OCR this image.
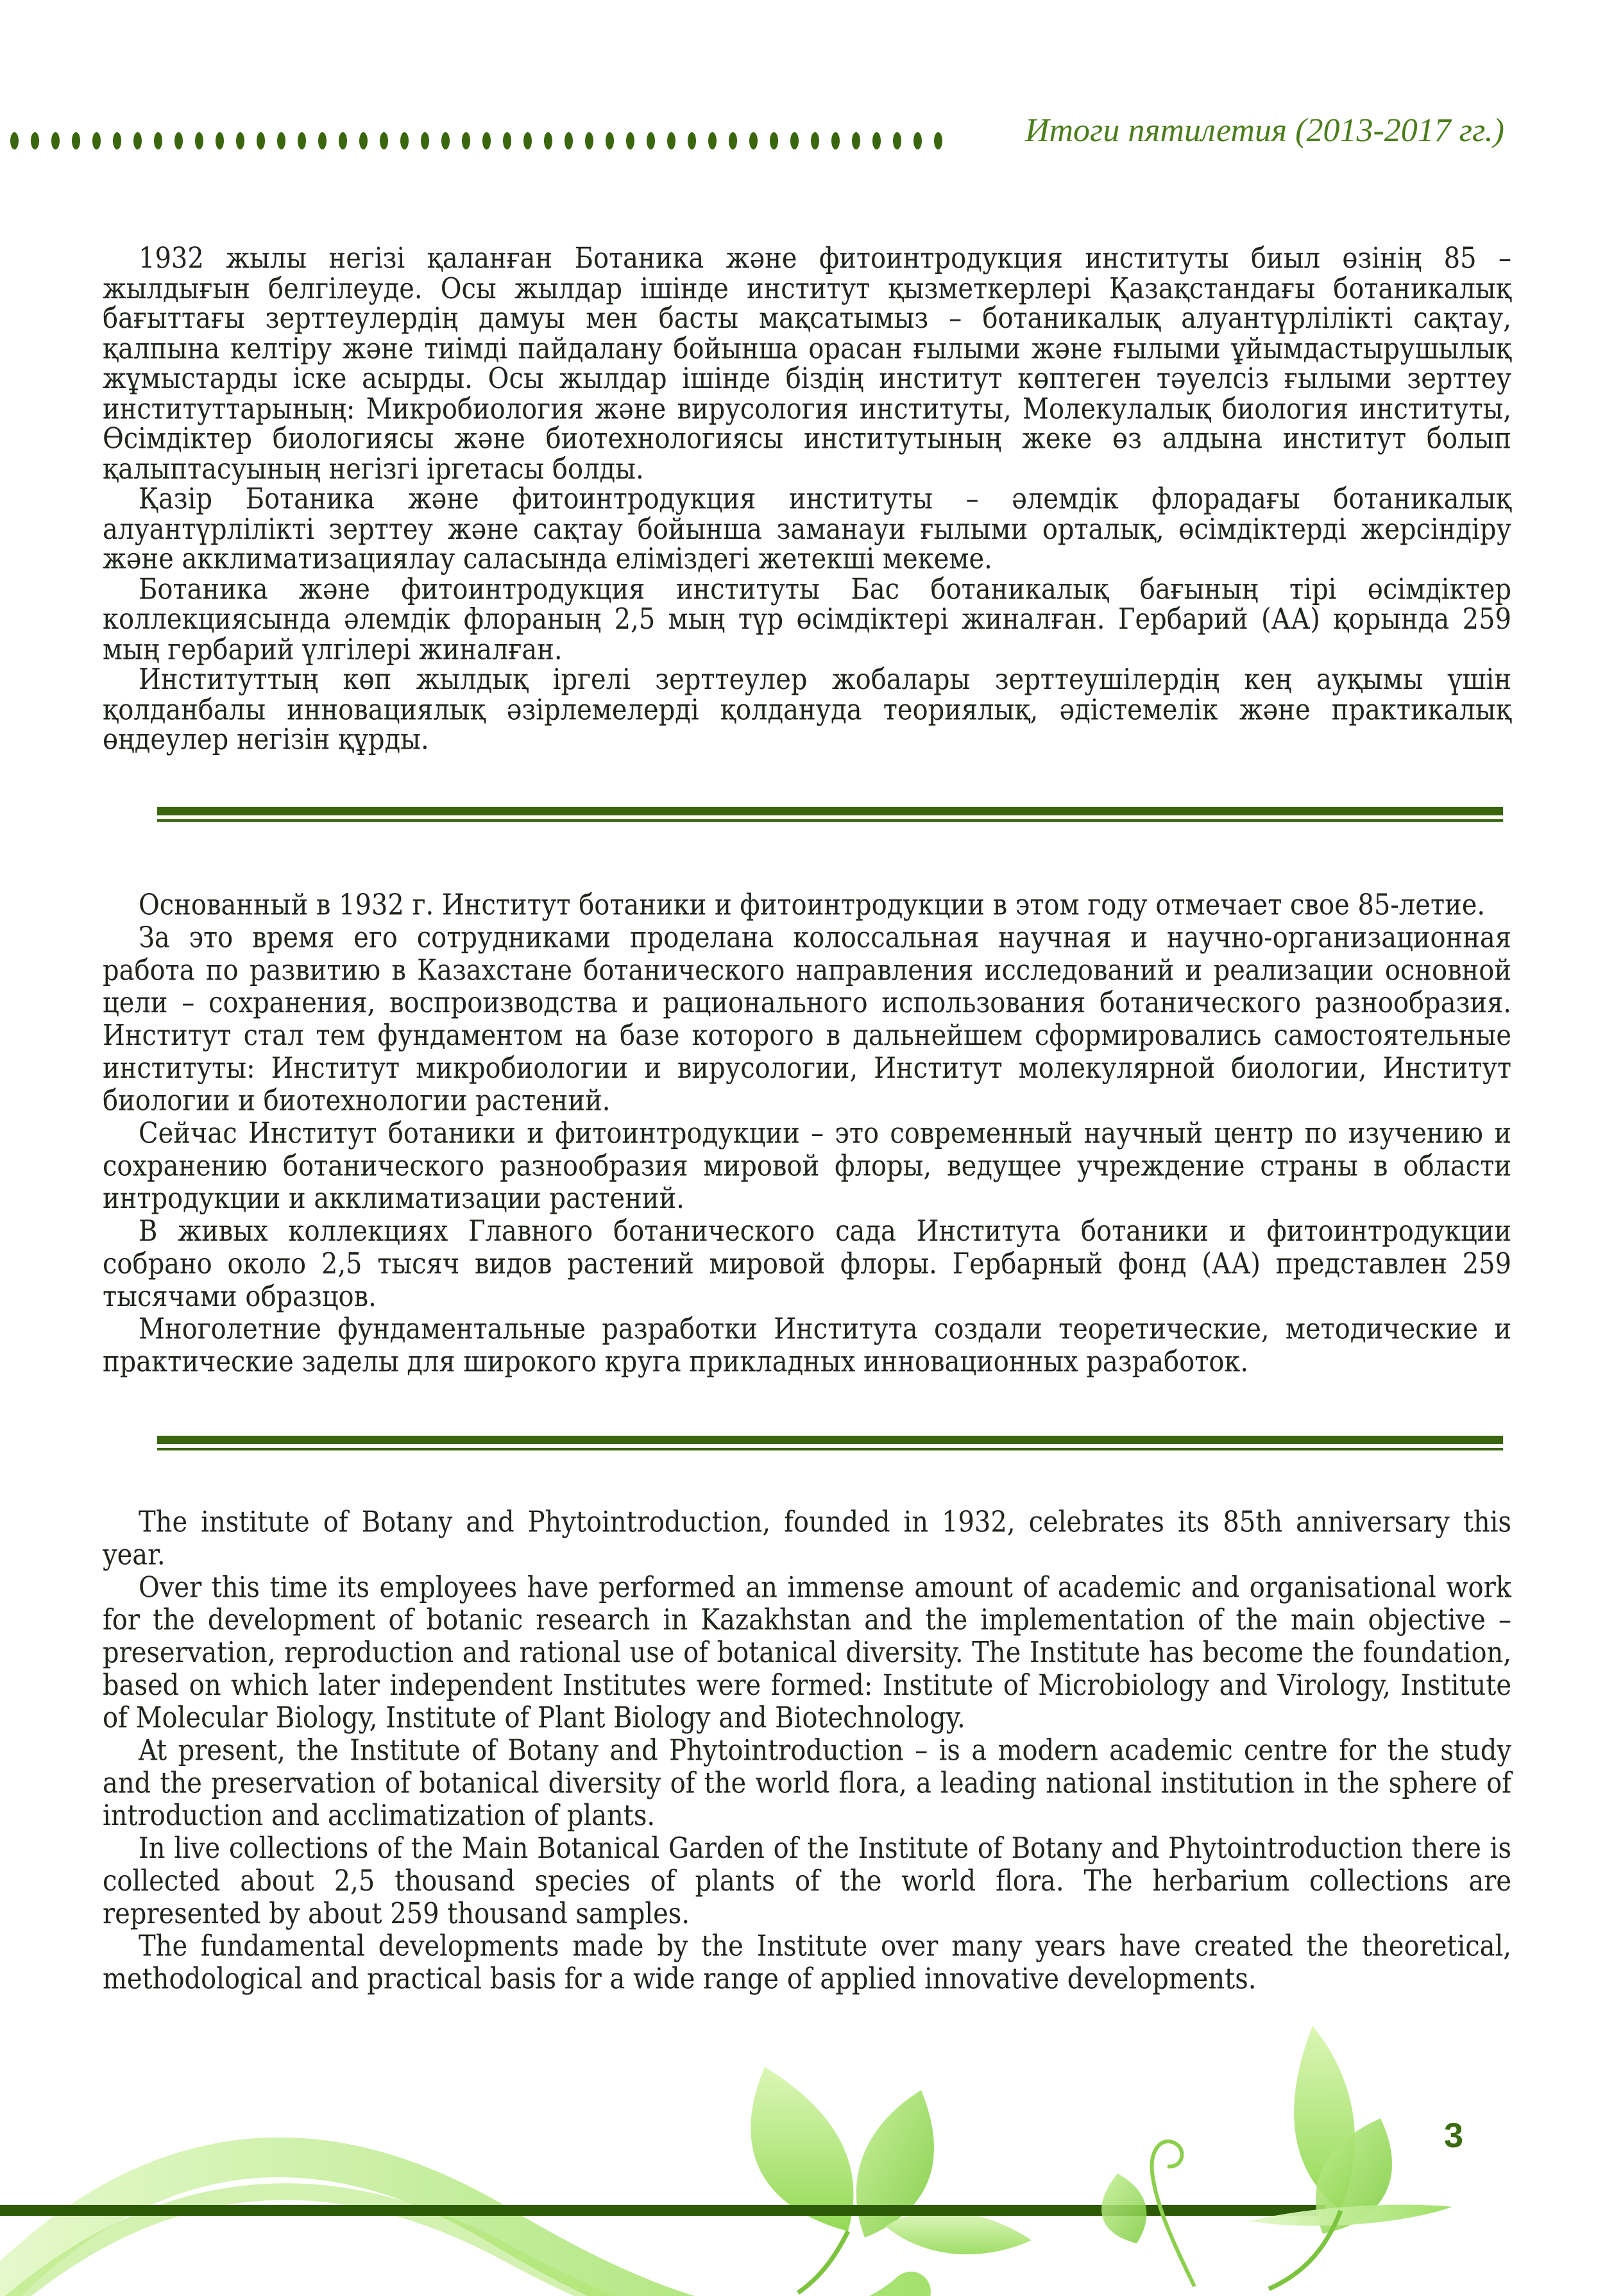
Итоги пятилетия (2013-2017 гг.)

1932 жылы негізі қаланған Ботаника және фитоинтродукция институты биыл өзінің 85 – жылдығын белгілеуде. Осы жылдар ішінде институт қызметкерлері Қазақстандағы ботаникалық бағыттағы зерттеулердің дамуы мен басты мақсатымыз – ботаникалық алуантүрлілікті сақтау, қалпына келтіру және тиімді пайдалану бойынша орасан ғылыми және ғылыми ұйымдастырушылық жұмыстарды іске асырды. Осы жылдар ішінде біздің институт көптеген тәуелсіз ғылыми зерттеу институттарының: Микробиология және вирусология институты, Молекулалық биология институты, Өсімдіктер биологиясы және биотехнологиясы институтының жеке өз алдына институт болып қалыптасуының негізгі іргетасы болды.

Қазір Ботаника және фитоинтродукция институты – әлемдік флорадағы ботаникалық алуантүрлілікті зерттеу және сақтау бойынша заманауи ғылыми орталық, өсімдіктерді жерсіндіру және акклиматизациялау саласында еліміздегі жетекші мекеме.

Ботаника және фитоинтродукция институты Бас ботаникалық бағының тірі өсімдіктер коллекциясында әлемдік флораның 2,5 мың түр өсімдіктері жиналған. Гербарий (АА) қорында 259 мың гербарий үлгілері жиналған.

Институттың көп жылдық іргелі зерттеулер жобалары зерттеушілердің кең ауқымы үшін қолданбалы инновациялық әзірлемелерді қолдануда теориялық, әдістемелік және практикалық өңдеулер негізін құрды.

Основанный в 1932 г. Институт ботаники и фитоинтродукции в этом году отмечает свое 85-летие.

За это время его сотрудниками проделана колоссальная научная и научно-организационная работа по развитию в Казахстане ботанического направления исследований и реализации основной цели – сохранения, воспроизводства и рационального использования ботанического разнообразия. Институт стал тем фундаментом на базе которого в дальнейшем сформировались самостоятельные институты: Институт микробиологии и вирусологии, Институт молекулярной биологии, Институт биологии и биотехнологии растений.

Сейчас Институт ботаники и фитоинтродукции – это современный научный центр по изучению и сохранению ботанического разнообразия мировой флоры, ведущее учреждение страны в области интродукции и акклиматизации растений.

В живых коллекциях Главного ботанического сада Института ботаники и фитоинтродукции собрано около 2,5 тысяч видов растений мировой флоры. Гербарный фонд (АА) представлен 259 тысячами образцов.

Многолетние фундаментальные разработки Института создали теоретические, методические и практические заделы для широкого круга прикладных инновационных разработок.

The institute of Botany and Phytointroduction, founded in 1932, celebrates its 85th anniversary this year.

Over this time its employees have performed an immense amount of academic and organisational work for the development of botanic research in Kazakhstan and the implementation of the main objective – preservation, reproduction and rational use of botanical diversity. The Institute has become the foundation, based on which later independent Institutes were formed: Institute of Microbiology and Virology, Institute of Molecular Biology, Institute of Plant Biology and Biotechnology.

At present, the Institute of Botany and Phytointroduction – is a modern academic centre for the study and the preservation of botanical diversity of the world flora, a leading national institution in the sphere of introduction and acclimatization of plants.

In live collections of the Main Botanical Garden of the Institute of Botany and Phytointroduction there is collected about 2,5 thousand species of plants of the world flora. The herbarium collections are represented by about 259 thousand samples.

The fundamental developments made by the Institute over many years have created the theoretical, methodological and practical basis for a wide range of applied innovative developments.

3
